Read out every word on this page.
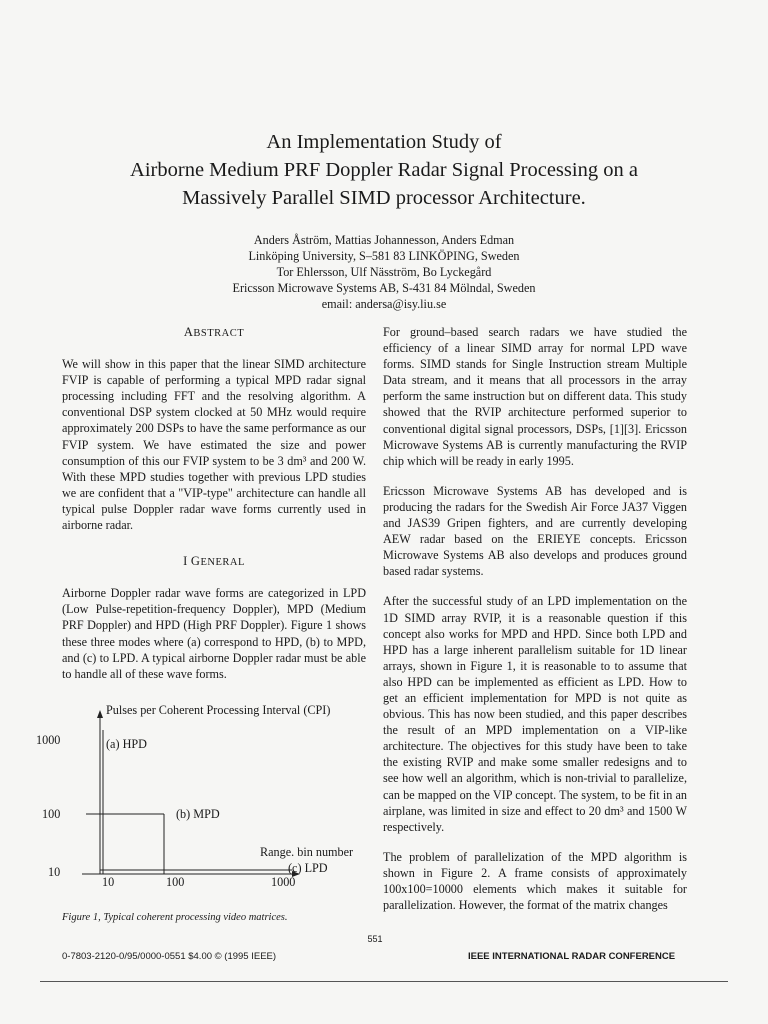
An Implementation Study of
Airborne Medium PRF Doppler Radar Signal Processing on a
Massively Parallel SIMD processor Architecture.
Anders Åström, Mattias Johannesson, Anders Edman
Linköping University, S–581 83 LINKÖPING, Sweden
Tor Ehlersson, Ulf Näsström, Bo Lyckegård
Ericsson Microwave Systems AB, S-431 84 Mölndal, Sweden
email: andersa@isy.liu.se
ABSTRACT

We will show in this paper that the linear SIMD architecture FVIP is capable of performing a typical MPD radar signal processing including FFT and the resolving algorithm. A conventional DSP system clocked at 50 MHz would require approximately 200 DSPs to have the same performance as our FVIP system. We have estimated the size and power consumption of this our FVIP system to be 3 dm³ and 200 W. With these MPD studies together with previous LPD studies we are confident that a "VIP-type" architecture can handle all typical pulse Doppler radar wave forms currently used in airborne radar.

I GENERAL

Airborne Doppler radar wave forms are categorized in LPD (Low Pulse-repetition-frequency Doppler), MPD (Medium PRF Doppler) and HPD (High PRF Doppler). Figure 1 shows these three modes where (a) correspond to HPD, (b) to MPD, and (c) to LPD. A typical airborne Doppler radar must be able to handle all of these wave forms.

Pulses per Coherent Processing Interval (CPI)
1000
100
10
(a) HPD
(b) MPD
Range. bin number
(c) LPD
10	100	1000
Figure 1, Typical coherent processing video matrices.

For ground–based search radars we have studied the efficiency of a linear SIMD array for normal LPD wave forms. SIMD stands for Single Instruction stream Multiple Data stream, and it means that all processors in the array perform the same instruction but on different data. This study showed that the RVIP architecture performed superior to conventional digital signal processors, DSPs, [1][3]. Ericsson Microwave Systems AB is currently manufacturing the RVIP chip which will be ready in early 1995.

Ericsson Microwave Systems AB has developed and is producing the radars for the Swedish Air Force JA37 Viggen and JAS39 Gripen fighters, and are currently developing AEW radar based on the ERIEYE concepts. Ericsson Microwave Systems AB also develops and produces ground based radar systems.

After the successful study of an LPD implementation on the 1D SIMD array RVIP, it is a reasonable question if this concept also works for MPD and HPD. Since both LPD and HPD has a large inherent parallelism suitable for 1D linear arrays, shown in Figure 1, it is reasonable to to assume that also HPD can be implemented as efficient as LPD. How to get an efficient implementation for MPD is not quite as obvious. This has now been studied, and this paper describes the result of an MPD implementation on a VIP-like architecture. The objectives for this study have been to take the existing RVIP and make some smaller redesigns and to see how well an algorithm, which is non-trivial to parallelize, can be mapped on the VIP concept. The system, to be fit in an airplane, was limited in size and effect to 20 dm³ and 1500 W respectively.

The problem of parallelization of the MPD algorithm is shown in Figure 2. A frame consists of approximately 100x100=10000 elements which makes it suitable for parallelization. However, the format of the matrix changes

551
0-7803-2120-0/95/0000-0551 $4.00 © (1995 IEEE)	IEEE INTERNATIONAL RADAR CONFERENCE
